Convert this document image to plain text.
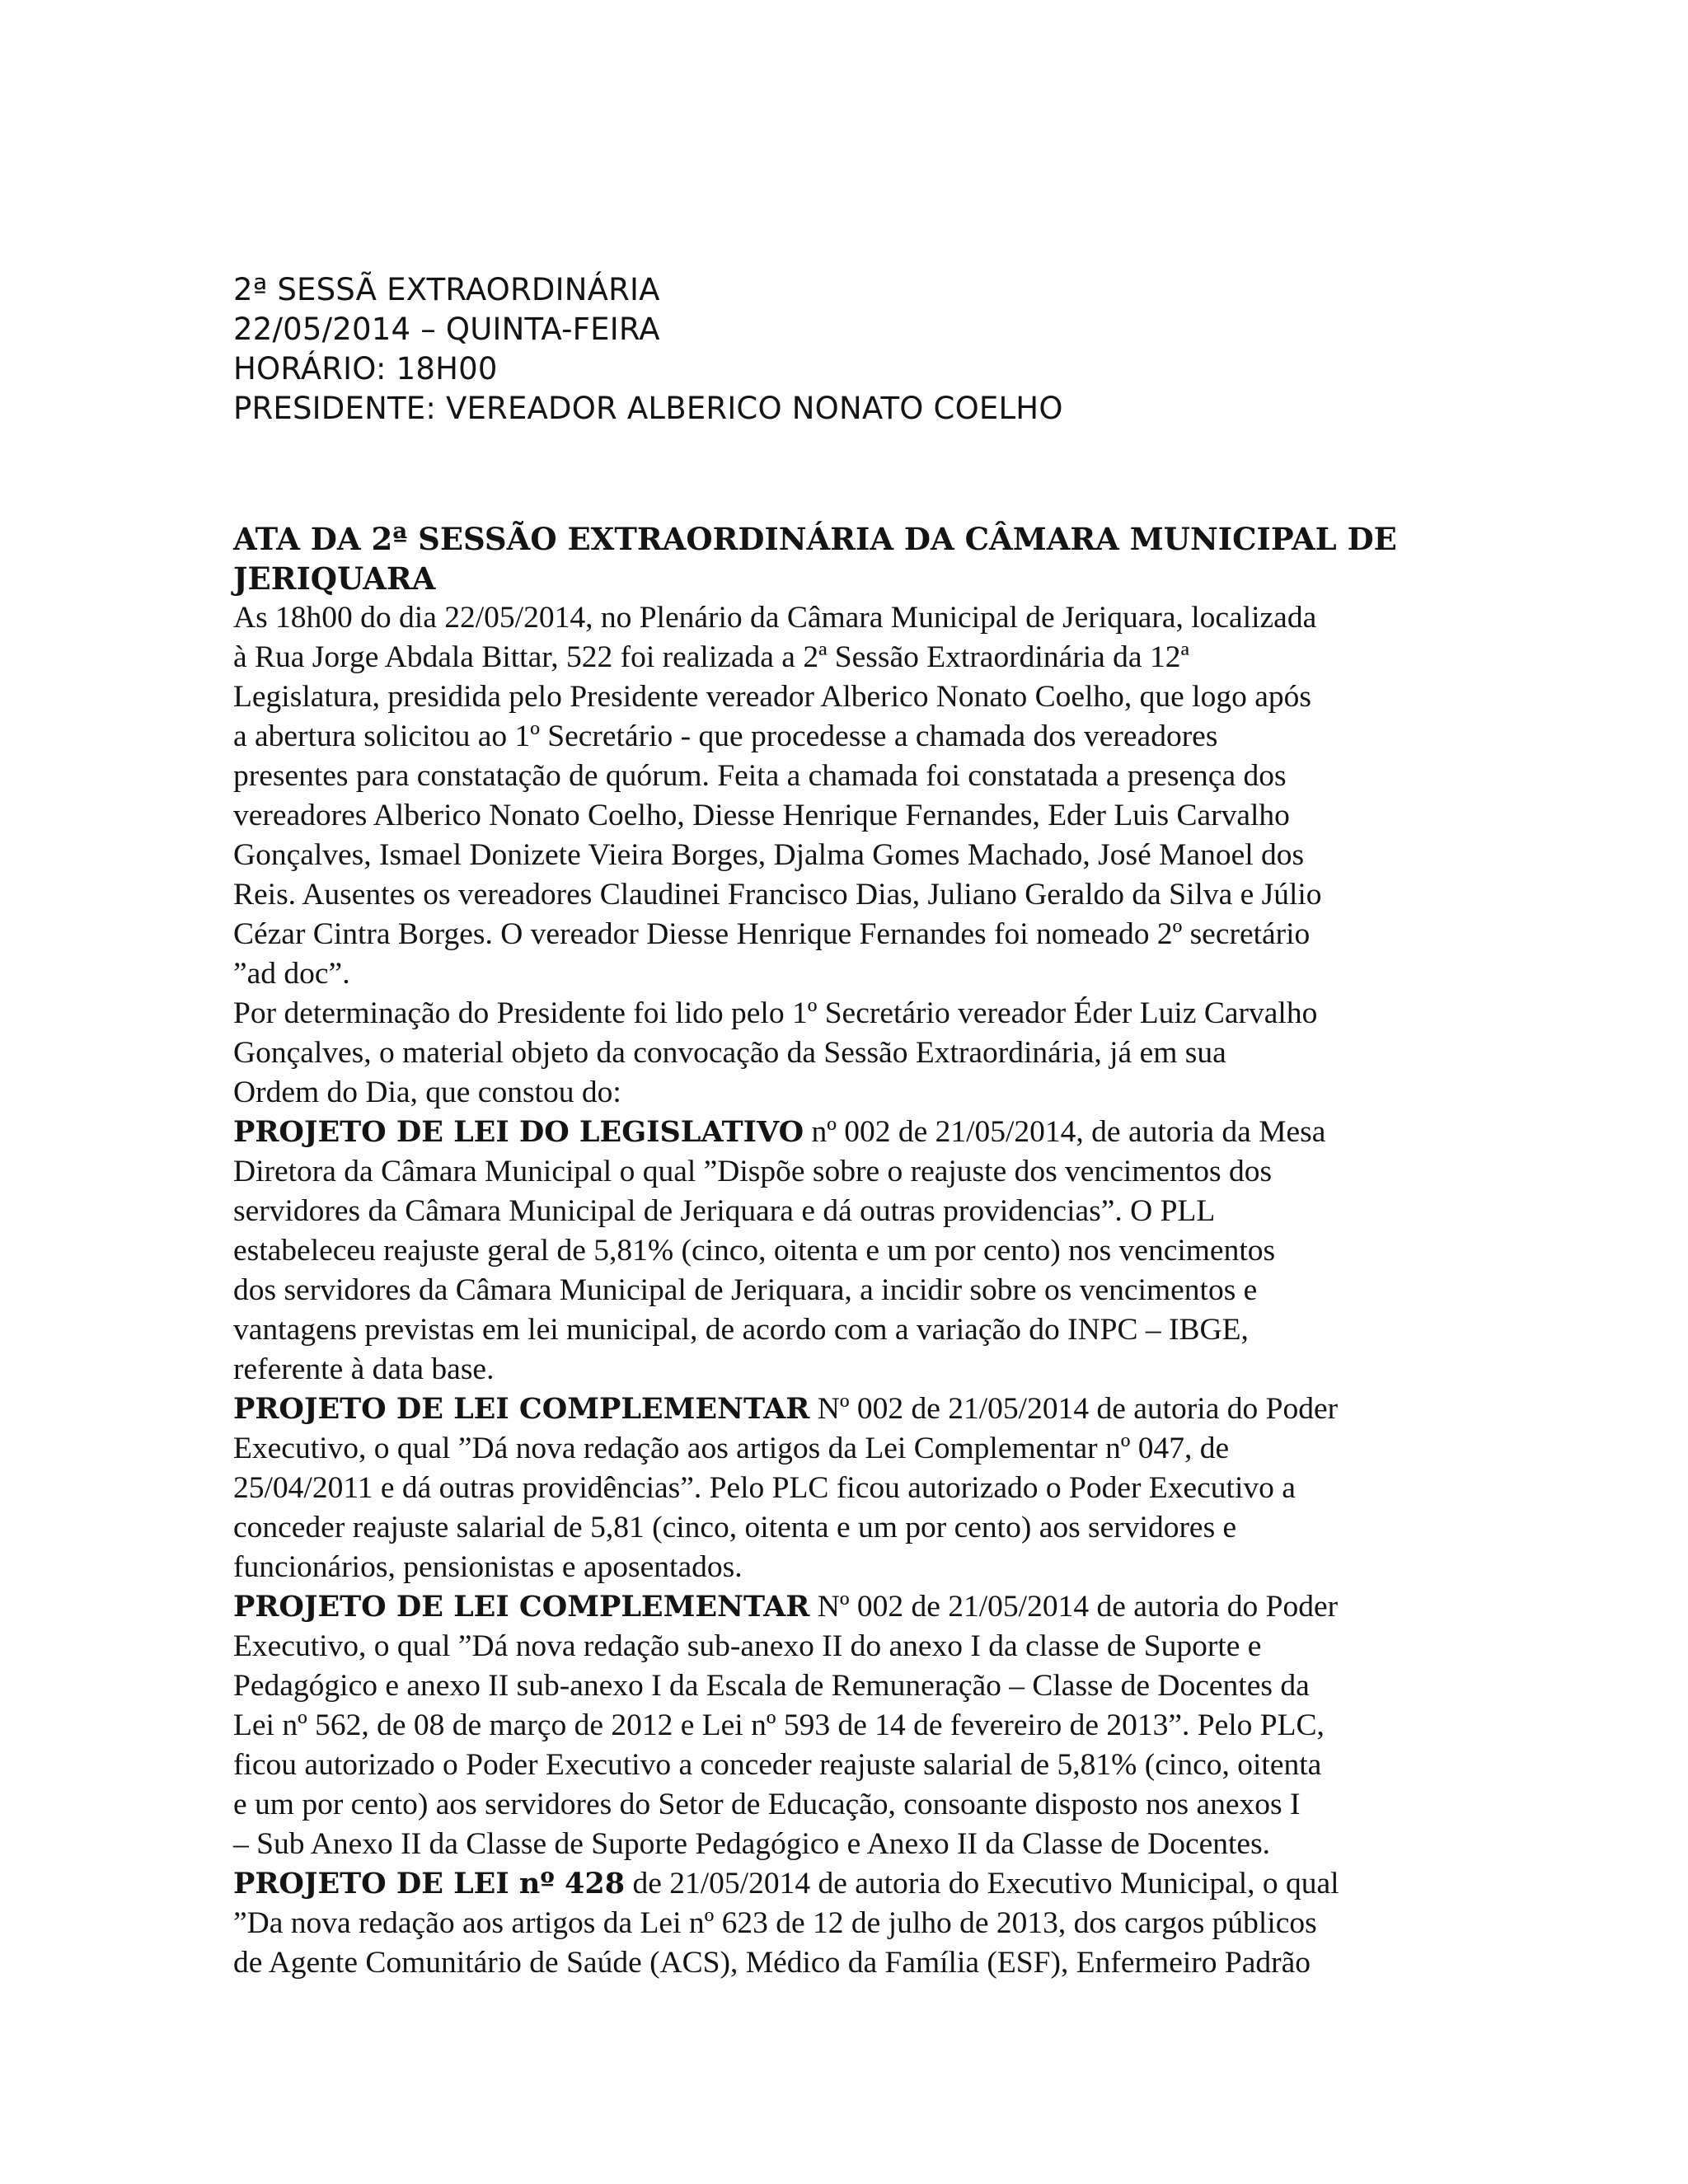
2ª SESSÃ EXTRAORDINÁRIA
22/05/2014 – QUINTA-FEIRA
HORÁRIO: 18H00
PRESIDENTE: VEREADOR ALBERICO NONATO COELHO
ATA DA 2ª SESSÃO EXTRAORDINÁRIA DA CÂMARA MUNICIPAL DE
JERIQUARA

As 18h00 do dia 22/05/2014, no Plenário da Câmara Municipal de Jeriquara, localizada
à Rua Jorge Abdala Bittar, 522 foi realizada a 2ª Sessão Extraordinária da 12ª
Legislatura, presidida pelo Presidente vereador Alberico Nonato Coelho, que logo após
a abertura solicitou ao 1º Secretário - que procedesse a chamada dos vereadores
presentes para constatação de quórum. Feita a chamada foi constatada a presença dos
vereadores Alberico Nonato Coelho, Diesse Henrique Fernandes, Eder Luis Carvalho
Gonçalves, Ismael Donizete Vieira Borges, Djalma Gomes Machado, José Manoel dos
Reis. Ausentes os vereadores Claudinei Francisco Dias, Juliano Geraldo da Silva e Júlio
Cézar Cintra Borges. O vereador Diesse Henrique Fernandes foi nomeado 2º secretário
”ad doc”.

Por determinação do Presidente foi lido pelo 1º Secretário vereador Éder Luiz Carvalho
Gonçalves, o material objeto da convocação da Sessão Extraordinária, já em sua
Ordem do Dia, que constou do:

PROJETO DE LEI DO LEGISLATIVO nº 002 de 21/05/2014, de autoria da Mesa
Diretora da Câmara Municipal o qual ”Dispõe sobre o reajuste dos vencimentos dos
servidores da Câmara Municipal de Jeriquara e dá outras providencias”. O PLL
estabeleceu reajuste geral de 5,81% (cinco, oitenta e um por cento) nos vencimentos
dos servidores da Câmara Municipal de Jeriquara, a incidir sobre os vencimentos e
vantagens previstas em lei municipal, de acordo com a variação do INPC – IBGE,
referente à data base.

PROJETO DE LEI COMPLEMENTAR Nº 002 de 21/05/2014 de autoria do Poder
Executivo, o qual ”Dá nova redação aos artigos da Lei Complementar nº 047, de
25/04/2011 e dá outras providências”. Pelo PLC ficou autorizado o Poder Executivo a
conceder reajuste salarial de 5,81 (cinco, oitenta e um por cento) aos servidores e
funcionários, pensionistas e aposentados.

PROJETO DE LEI COMPLEMENTAR Nº 002 de 21/05/2014 de autoria do Poder
Executivo, o qual ”Dá nova redação sub-anexo II do anexo I da classe de Suporte e
Pedagógico e anexo II sub-anexo I da Escala de Remuneração – Classe de Docentes da
Lei nº 562, de 08 de março de 2012 e Lei nº 593 de 14 de fevereiro de 2013”. Pelo PLC,
ficou autorizado o Poder Executivo a conceder reajuste salarial de 5,81% (cinco, oitenta
e um por cento) aos servidores do Setor de Educação, consoante disposto nos anexos I
– Sub Anexo II da Classe de Suporte Pedagógico e Anexo II da Classe de Docentes.

PROJETO DE LEI nº 428 de 21/05/2014 de autoria do Executivo Municipal, o qual
”Da nova redação aos artigos da Lei nº 623 de 12 de julho de 2013, dos cargos públicos
de Agente Comunitário de Saúde (ACS), Médico da Família (ESF), Enfermeiro Padrão
